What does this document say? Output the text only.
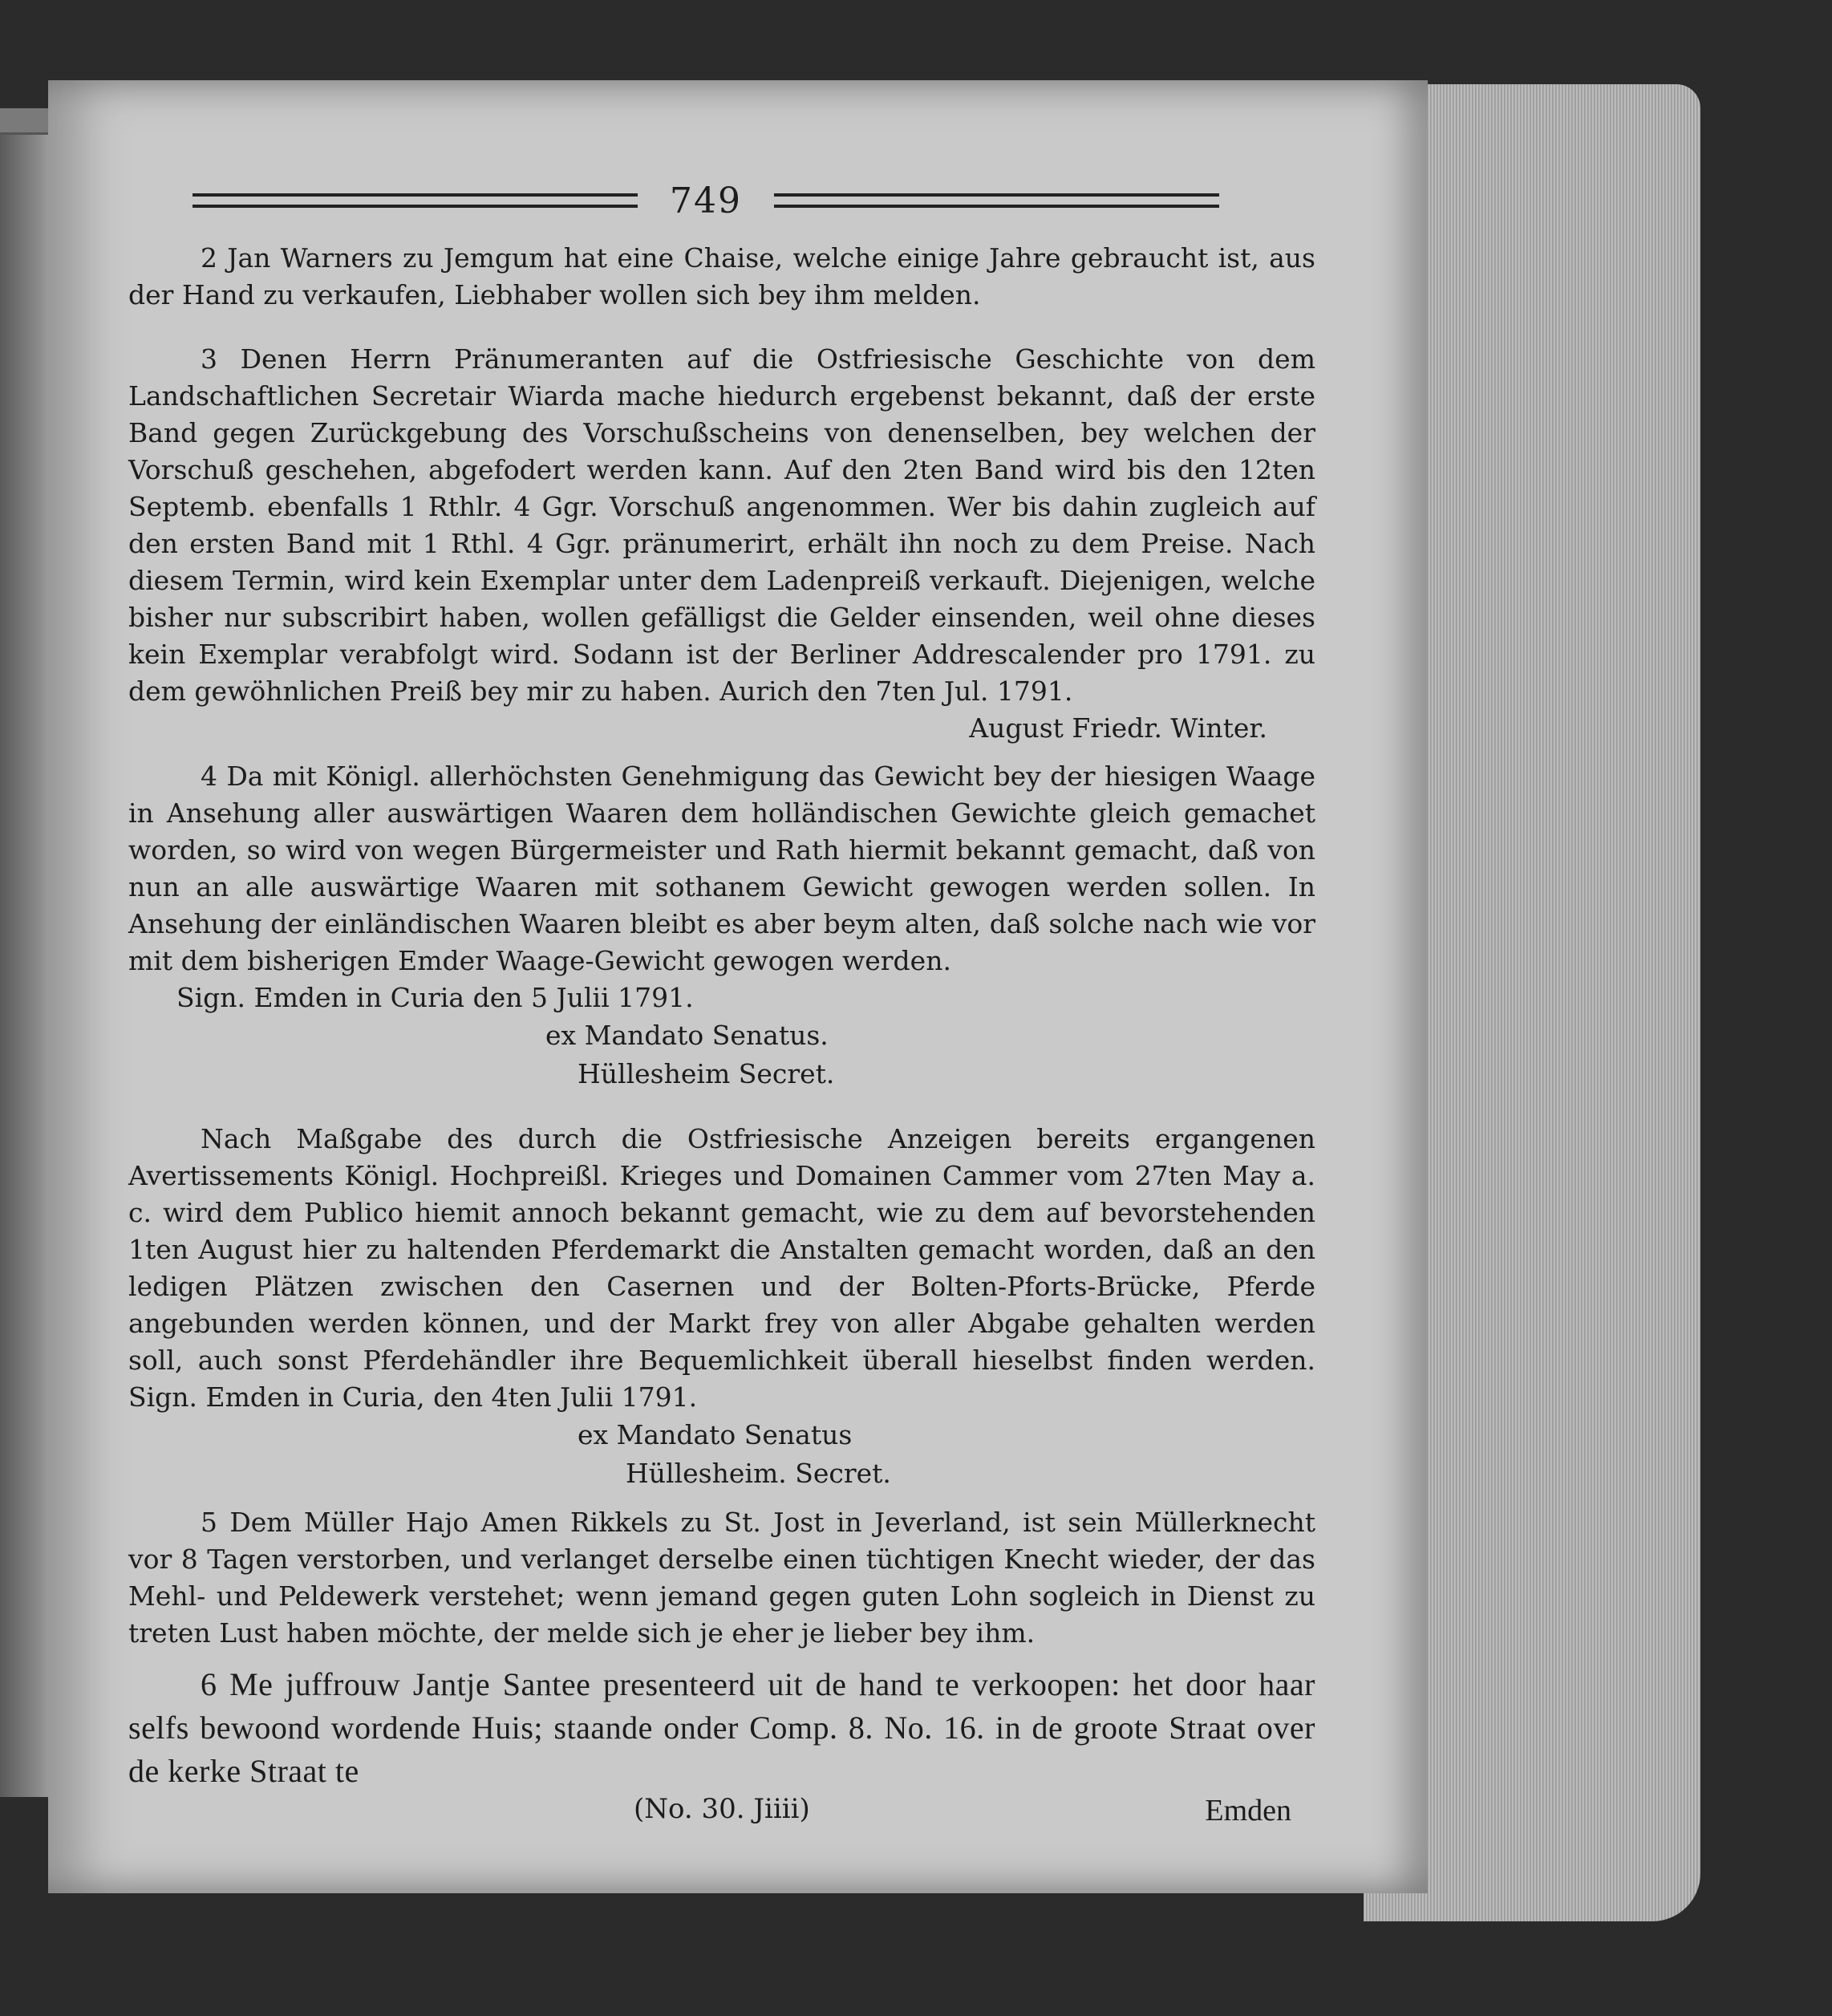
749

2 Jan Warners zu Jemgum hat eine Chaise, welche einige Jahre gebraucht ist, aus der Hand zu verkaufen, Liebhaber wollen sich bey ihm melden.

3 Denen Herrn Pränumeranten auf die Ostfriesische Geschichte von dem Landschaftlichen Secretair Wiarda mache hiedurch ergebenst bekannt, daß der erste Band gegen Zurückgebung des Vorschußscheins von denenselben, bey welchen der Vorschuß geschehen, abgefodert werden kann. Auf den 2ten Band wird bis den 12ten Septemb. ebenfalls 1 Rthlr. 4 Ggr. Vorschuß angenommen. Wer bis dahin zugleich auf den ersten Band mit 1 Rthl. 4 Ggr. pränumerirt, erhält ihn noch zu dem Preise. Nach diesem Termin, wird kein Exemplar unter dem Ladenpreiß verkauft. Diejenigen, welche bisher nur subscribirt haben, wollen gefälligst die Gelder einsenden, weil ohne dieses kein Exemplar verabfolgt wird. Sodann ist der Berliner Addrescalender pro 1791. zu dem gewöhnlichen Preiß bey mir zu haben. Aurich den 7ten Jul. 1791.

August Friedr. Winter.

4 Da mit Königl. allerhöchsten Genehmigung das Gewicht bey der hiesigen Waage in Ansehung aller auswärtigen Waaren dem holländischen Gewichte gleich gemachet worden, so wird von wegen Bürgermeister und Rath hiermit bekannt gemacht, daß von nun an alle auswärtige Waaren mit sothanem Gewicht gewogen werden sollen. In Ansehung der einländischen Waaren bleibt es aber beym alten, daß solche nach wie vor mit dem bisherigen Emder Waage-Gewicht gewogen werden.

Sign. Emden in Curia den 5 Julii 1791.

ex Mandato Senatus.

Hüllesheim Secret.

Nach Maßgabe des durch die Ostfriesische Anzeigen bereits ergangenen Avertissements Königl. Hochpreißl. Krieges und Domainen Cammer vom 27ten May a. c. wird dem Publico hiemit annoch bekannt gemacht, wie zu dem auf bevorstehenden 1ten August hier zu haltenden Pferdemarkt die Anstalten gemacht worden, daß an den ledigen Plätzen zwischen den Casernen und der Bolten-Pforts-Brücke, Pferde angebunden werden können, und der Markt frey von aller Abgabe gehalten werden soll, auch sonst Pferdehändler ihre Bequemlichkeit überall hieselbst finden werden. Sign. Emden in Curia, den 4ten Julii 1791.

ex Mandato Senatus

Hüllesheim. Secret.

5 Dem Müller Hajo Amen Rikkels zu St. Jost in Jeverland, ist sein Müllerknecht vor 8 Tagen verstorben, und verlanget derselbe einen tüchtigen Knecht wieder, der das Mehl- und Peldewerk verstehet; wenn jemand gegen guten Lohn sogleich in Dienst zu treten Lust haben möchte, der melde sich je eher je lieber bey ihm.

6 Me juffrouw Jantje Santee presenteerd uit de hand te verkoopen: het door haar selfs bewoond wordende Huis; staande onder Comp. 8. No. 16. in de groote Straat over de kerke Straat te

(No. 30. Jiiii)	Emden
